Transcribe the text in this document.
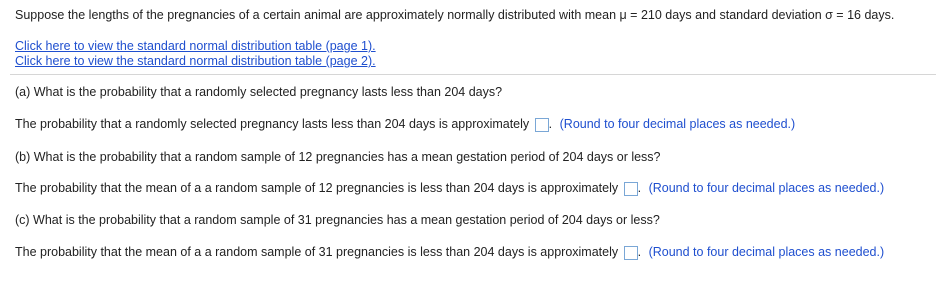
Suppose the lengths of the pregnancies of a certain animal are approximately normally distributed with mean μ = 210 days and standard deviation σ = 16 days.
Click here to view the standard normal distribution table (page 1).
Click here to view the standard normal distribution table (page 2).
(a) What is the probability that a randomly selected pregnancy lasts less than 204 days?
The probability that a randomly selected pregnancy lasts less than 204 days is approximately . (Round to four decimal places as needed.)
(b) What is the probability that a random sample of 12 pregnancies has a mean gestation period of 204 days or less?
The probability that the mean of a a random sample of 12 pregnancies is less than 204 days is approximately . (Round to four decimal places as needed.)
(c) What is the probability that a random sample of 31 pregnancies has a mean gestation period of 204 days or less?
The probability that the mean of a a random sample of 31 pregnancies is less than 204 days is approximately . (Round to four decimal places as needed.)
